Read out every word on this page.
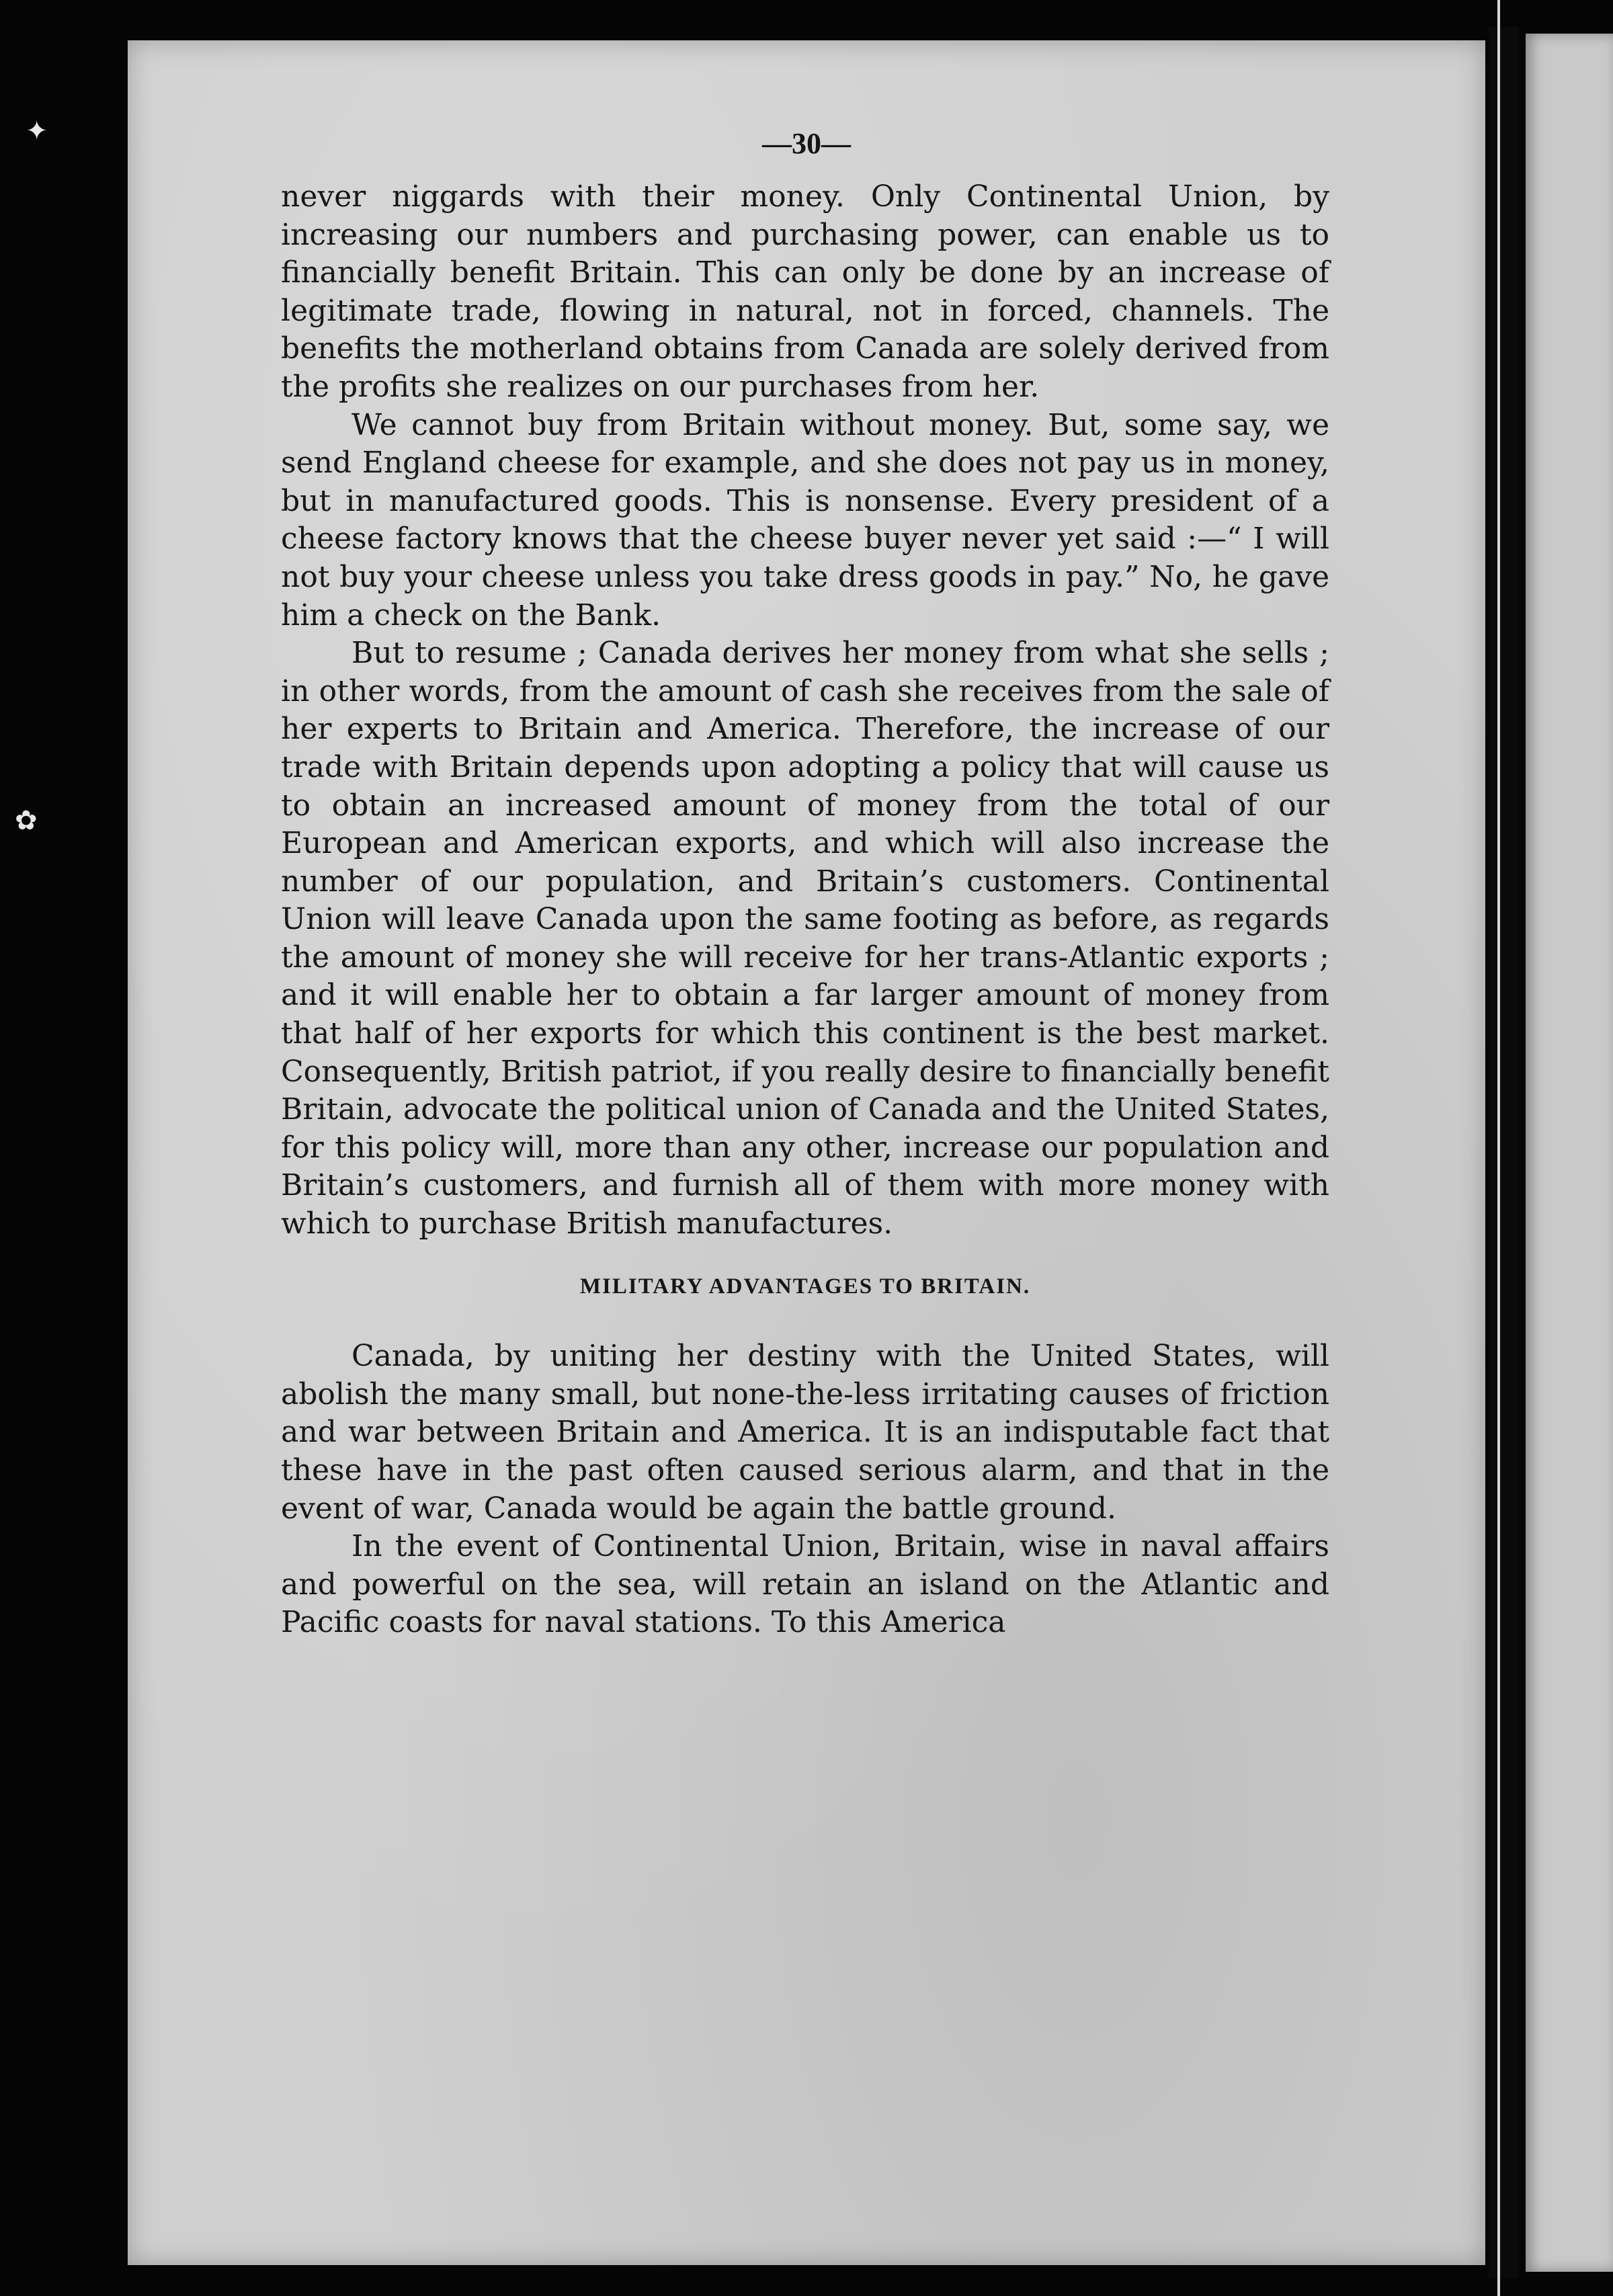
—30—

never niggards with their money. Only Continental Union, by increasing our numbers and purchasing power, can enable us to financially benefit Britain. This can only be done by an increase of legitimate trade, flowing in natural, not in forced, channels. The benefits the motherland obtains from Canada are solely derived from the profits she realizes on our purchases from her.

We cannot buy from Britain without money. But, some say, we send England cheese for example, and she does not pay us in money, but in manufactured goods. This is nonsense. Every president of a cheese factory knows that the cheese buyer never yet said :—“ I will not buy your cheese unless you take dress goods in pay.” No, he gave him a check on the Bank.

But to resume ; Canada derives her money from what she sells ; in other words, from the amount of cash she receives from the sale of her experts to Britain and America. Therefore, the increase of our trade with Britain depends upon adopting a policy that will cause us to obtain an increased amount of money from the total of our European and American exports, and which will also increase the number of our population, and Britain’s customers. Continental Union will leave Canada upon the same footing as before, as regards the amount of money she will receive for her trans-Atlantic exports ; and it will enable her to obtain a far larger amount of money from that half of her exports for which this continent is the best market. Consequently, British patriot, if you really desire to financially benefit Britain, advocate the political union of Canada and the United States, for this policy will, more than any other, increase our population and Britain’s customers, and furnish all of them with more money with which to purchase British manufactures.

MILITARY ADVANTAGES TO BRITAIN.

Canada, by uniting her destiny with the United States, will abolish the many small, but none-the-less irritating causes of friction and war between Britain and America. It is an indisputable fact that these have in the past often caused serious alarm, and that in the event of war, Canada would be again the battle ground.

In the event of Continental Union, Britain, wise in naval affairs and powerful on the sea, will retain an island on the Atlantic and Pacific coasts for naval stations. To this America

✦
✿
